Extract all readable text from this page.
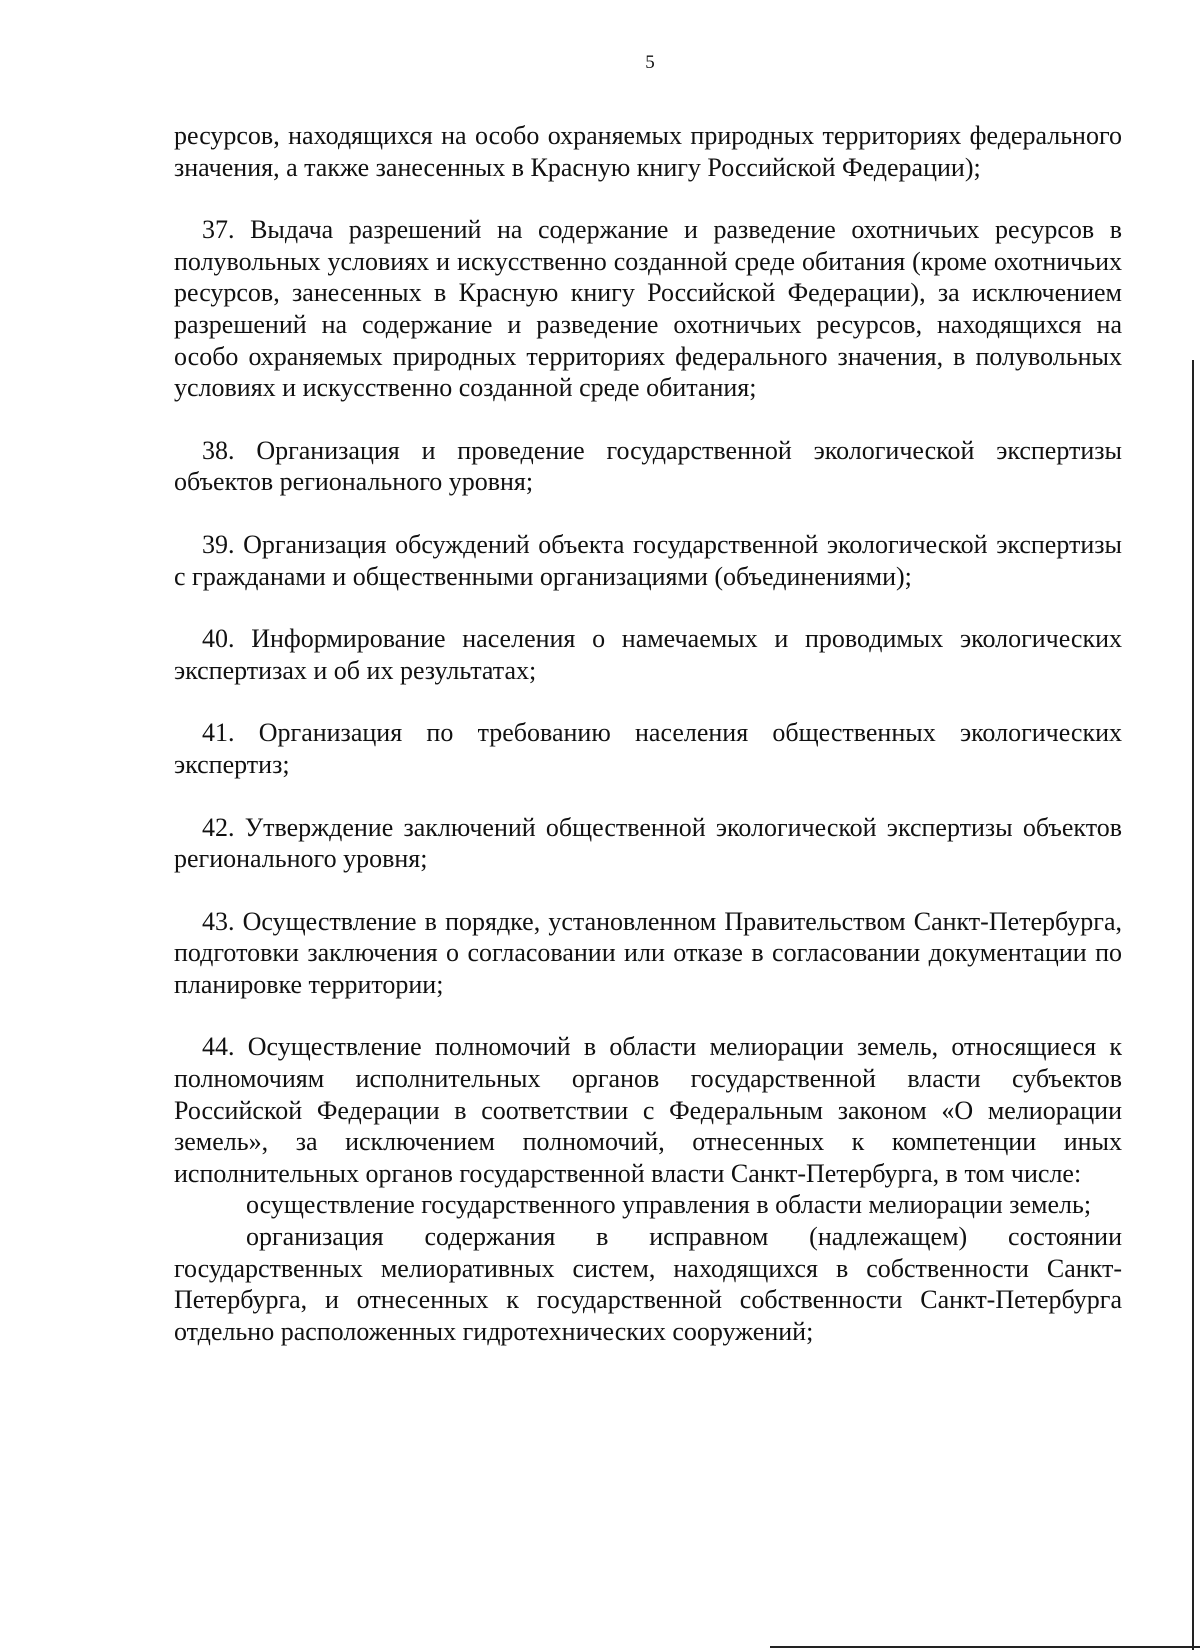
5

ресурсов, находящихся на особо охраняемых природных территориях федерального значения, а также занесенных в Красную книгу Российской Федерации);

37. Выдача разрешений на содержание и разведение охотничьих ресурсов в полувольных условиях и искусственно созданной среде обитания (кроме охотничьих ресурсов, занесенных в Красную книгу Российской Федерации), за исключением разрешений на содержание и разведение охотничьих ресурсов, находящихся на особо охраняемых природных территориях федерального значения, в полувольных условиях и искусственно созданной среде обитания;

38. Организация и проведение государственной экологической экспертизы объектов регионального уровня;

39. Организация обсуждений объекта государственной экологической экспертизы с гражданами и общественными организациями (объединениями);

40. Информирование населения о намечаемых и проводимых экологических экспертизах и об их результатах;

41. Организация по требованию населения общественных экологических экспертиз;

42. Утверждение заключений общественной экологической экспертизы объектов регионального уровня;

43. Осуществление в порядке, установленном Правительством Санкт-Петербурга, подготовки заключения о согласовании или отказе в согласовании документации по планировке территории;

44. Осуществление полномочий в области мелиорации земель, относящиеся к полномочиям исполнительных органов государственной власти субъектов Российской Федерации в соответствии с Федеральным законом «О мелиорации земель», за исключением полномочий, отнесенных к компетенции иных исполнительных органов государственной власти Санкт-Петербурга, в том числе:

осуществление государственного управления в области мелиорации земель;

организация содержания в исправном (надлежащем) состоянии государственных мелиоративных систем, находящихся в собственности Санкт-Петербурга, и отнесенных к государственной собственности Санкт-Петербурга отдельно расположенных гидротехнических сооружений;
